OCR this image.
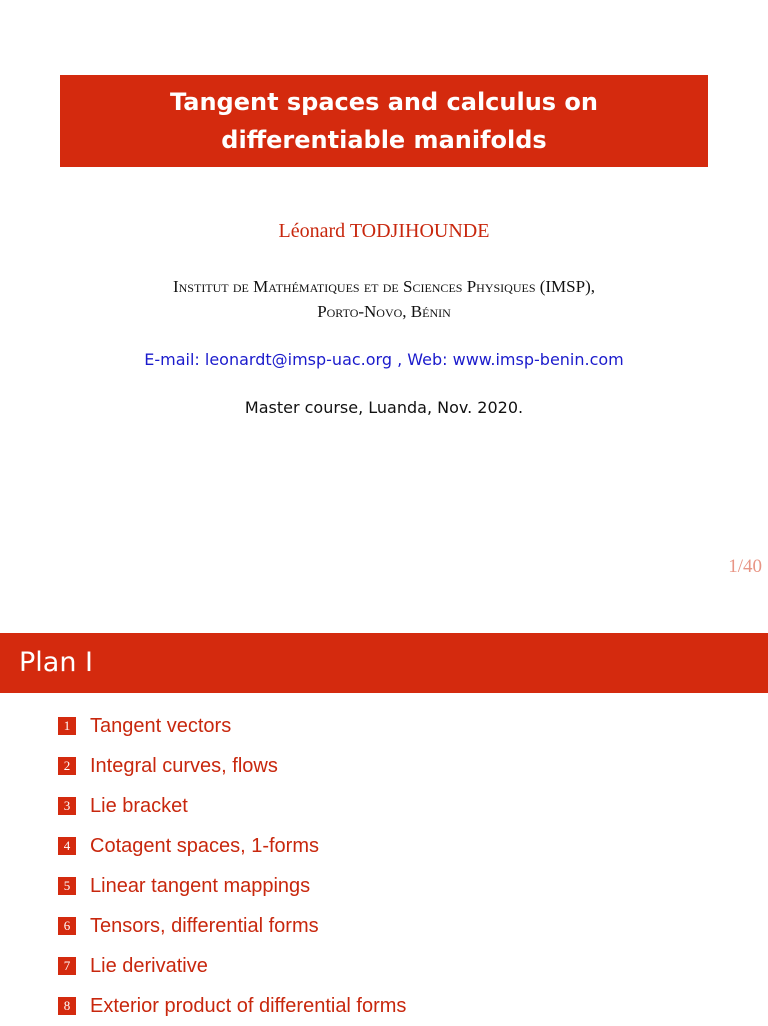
Tangent spaces and calculus on differentiable manifolds
Léonard TODJIHOUNDE
Institut de Mathématiques et de Sciences Physiques (IMSP),
Porto-Novo, Bénin
E-mail: leonardt@imsp-uac.org , Web: www.imsp-benin.com
Master course, Luanda, Nov. 2020.
1/40
Plan I
1 Tangent vectors
2 Integral curves, flows
3 Lie bracket
4 Cotagent spaces, 1-forms
5 Linear tangent mappings
6 Tensors, differential forms
7 Lie derivative
8 Exterior product of differential forms
